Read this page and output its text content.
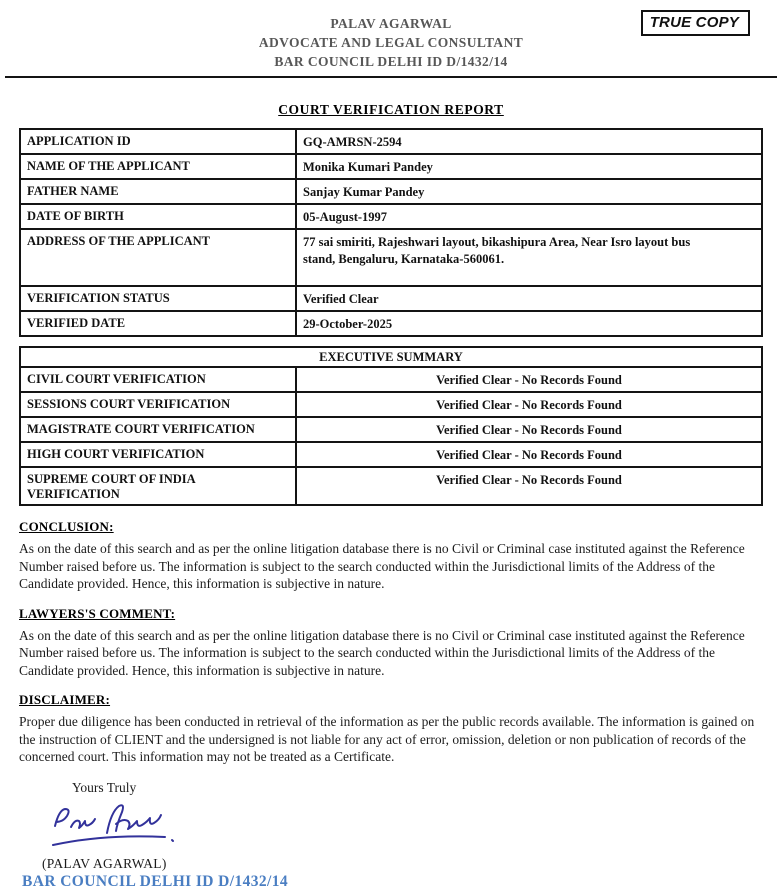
PALAV AGARWAL
ADVOCATE AND LEGAL CONSULTANT
BAR COUNCIL DELHI ID D/1432/14
TRUE COPY
COURT VERIFICATION REPORT
APPLICATION ID	GQ-AMRSN-2594
NAME OF THE APPLICANT	Monika Kumari Pandey
FATHER NAME	Sanjay Kumar Pandey
DATE OF BIRTH	05-August-1997
ADDRESS OF THE APPLICANT	77 sai smiriti, Rajeshwari layout, bikashipura Area, Near Isro layout bus stand, Bengaluru, Karnataka-560061.
VERIFICATION STATUS	Verified Clear
VERIFIED DATE	29-October-2025
EXECUTIVE SUMMARY	
CIVIL COURT VERIFICATION	Verified Clear - No Records Found
SESSIONS COURT VERIFICATION	Verified Clear - No Records Found
MAGISTRATE COURT VERIFICATION	Verified Clear - No Records Found
HIGH COURT VERIFICATION	Verified Clear - No Records Found
SUPREME COURT OF INDIA VERIFICATION	Verified Clear - No Records Found
CONCLUSION:
As on the date of this search and as per the online litigation database there is no Civil or Criminal case instituted against the Reference Number raised before us. The information is subject to the search conducted within the Jurisdictional limits of the Address of the Candidate provided. Hence, this information is subjective in nature.
LAWYERS'S COMMENT:
As on the date of this search and as per the online litigation database there is no Civil or Criminal case instituted against the Reference Number raised before us. The information is subject to the search conducted within the Jurisdictional limits of the Address of the Candidate provided. Hence, this information is subjective in nature.
DISCLAIMER:
Proper due diligence has been conducted in retrieval of the information as per the public records available. The information is gained on the instruction of CLIENT and the undersigned is not liable for any act of error, omission, deletion or non publication of records of the concerned court. This information may not be treated as a Certificate.
Yours Truly
(PALAV AGARWAL)
BAR COUNCIL DELHI ID D/1432/14
